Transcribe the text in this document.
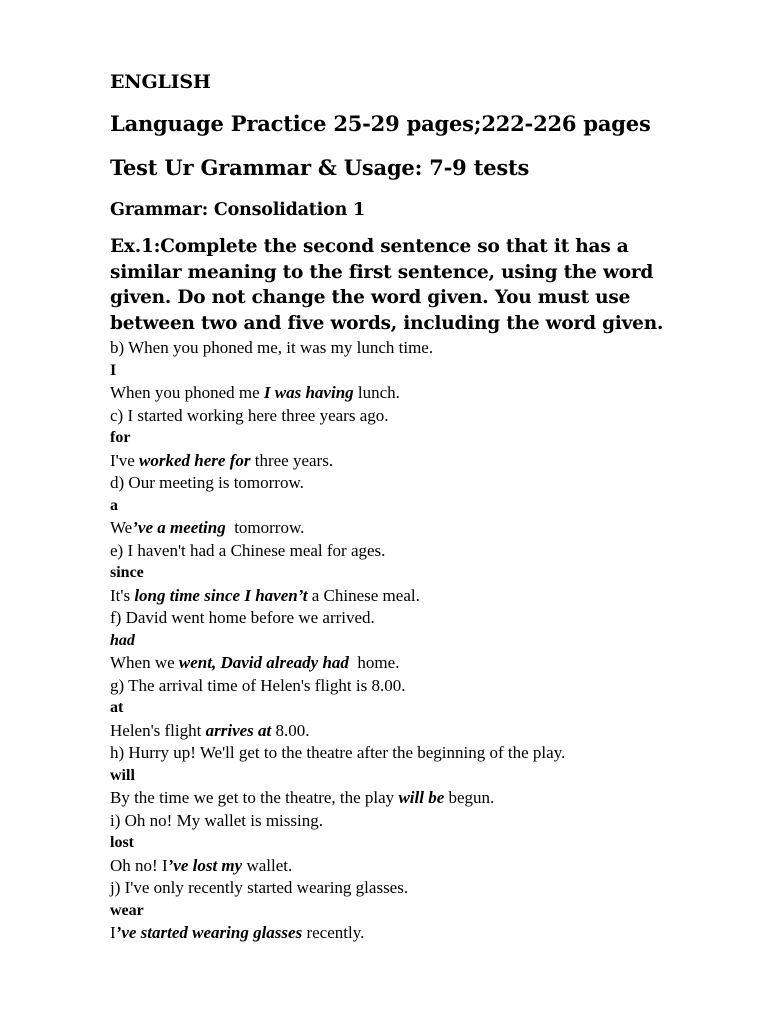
ENGLISH
Language Practice 25-29 pages;222-226 pages
Test Ur Grammar & Usage: 7-9 tests
Grammar: Consolidation 1
Ex.1:Complete the second sentence so that it has a
similar meaning to the first sentence, using the word
given. Do not change the word given. You must use
between two and five words, including the word given.
b) When you phoned me, it was my lunch time.
I
When you phoned me I was having lunch.
c) I started working here three years ago.
for
I've worked here for three years.
d) Our meeting is tomorrow.
a
We’ve a meeting  tomorrow.
e) I haven't had a Chinese meal for ages.
since
It's long time since I haven’t a Chinese meal.
f) David went home before we arrived.
had
When we went, David already had  home.
g) The arrival time of Helen's flight is 8.00.
at
Helen's flight arrives at 8.00.
h) Hurry up! We'll get to the theatre after the beginning of the play.
will
By the time we get to the theatre, the play will be begun.
i) Oh no! My wallet is missing.
lost
Oh no! I’ve lost my wallet.
j) I've only recently started wearing glasses.
wear
I’ve started wearing glasses recently.
